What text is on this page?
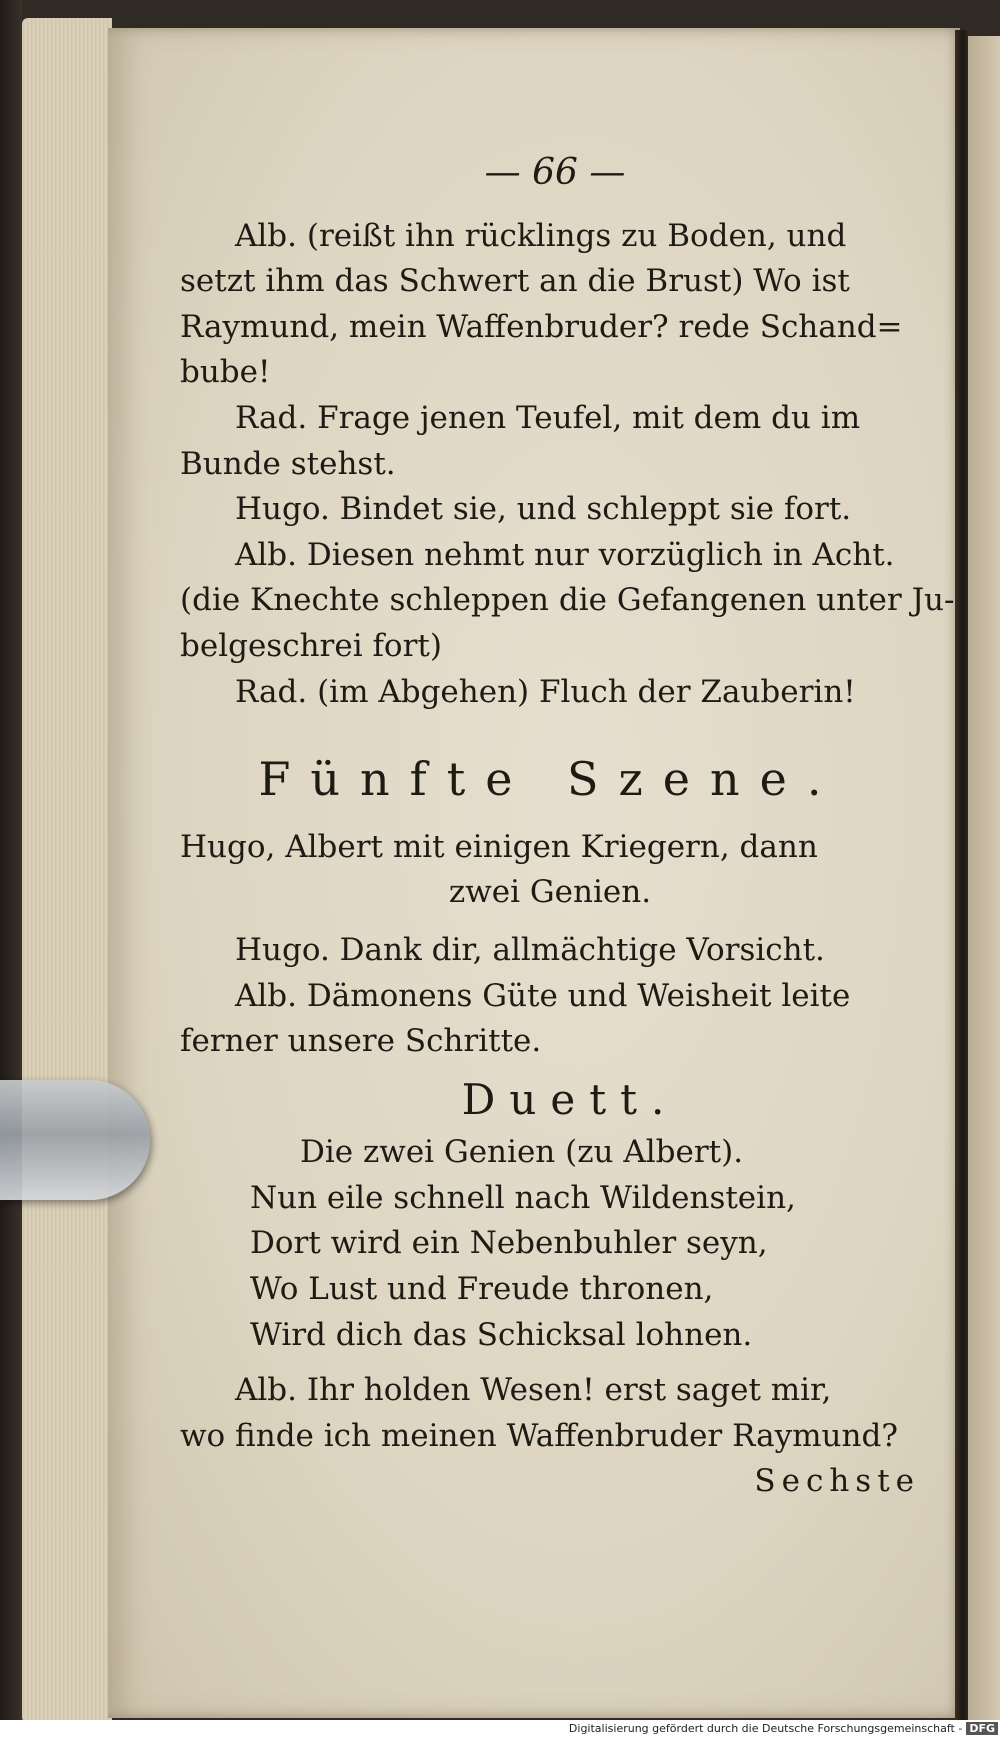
— 66 —
Alb. (reißt ihn rücklings zu Boden, und
setzt ihm das Schwert an die Brust) Wo ist
Raymund, mein Waffenbruder? rede Schand=
bube!
Rad. Frage jenen Teufel, mit dem du im
Bunde stehst.
Hugo. Bindet sie, und schleppt sie fort.
Alb. Diesen nehmt nur vorzüglich in Acht.
(die Knechte schleppen die Gefangenen unter Ju-
belgeschrei fort)
Rad. (im Abgehen) Fluch der Zauberin!
Fünfte Szene.
Hugo, Albert mit einigen Kriegern, dann
zwei Genien.
Hugo. Dank dir, allmächtige Vorsicht.
Alb. Dämonens Güte und Weisheit leite
ferner unsere Schritte.
Duett.
Die zwei Genien (zu Albert).
Nun eile schnell nach Wildenstein,
Dort wird ein Nebenbuhler seyn,
Wo Lust und Freude thronen,
Wird dich das Schicksal lohnen.
Alb. Ihr holden Wesen! erst saget mir,
wo finde ich meinen Waffenbruder Raymund?
Sechste
Digitalisierung gefördert durch die Deutsche Forschungsgemeinschaft - DFG
